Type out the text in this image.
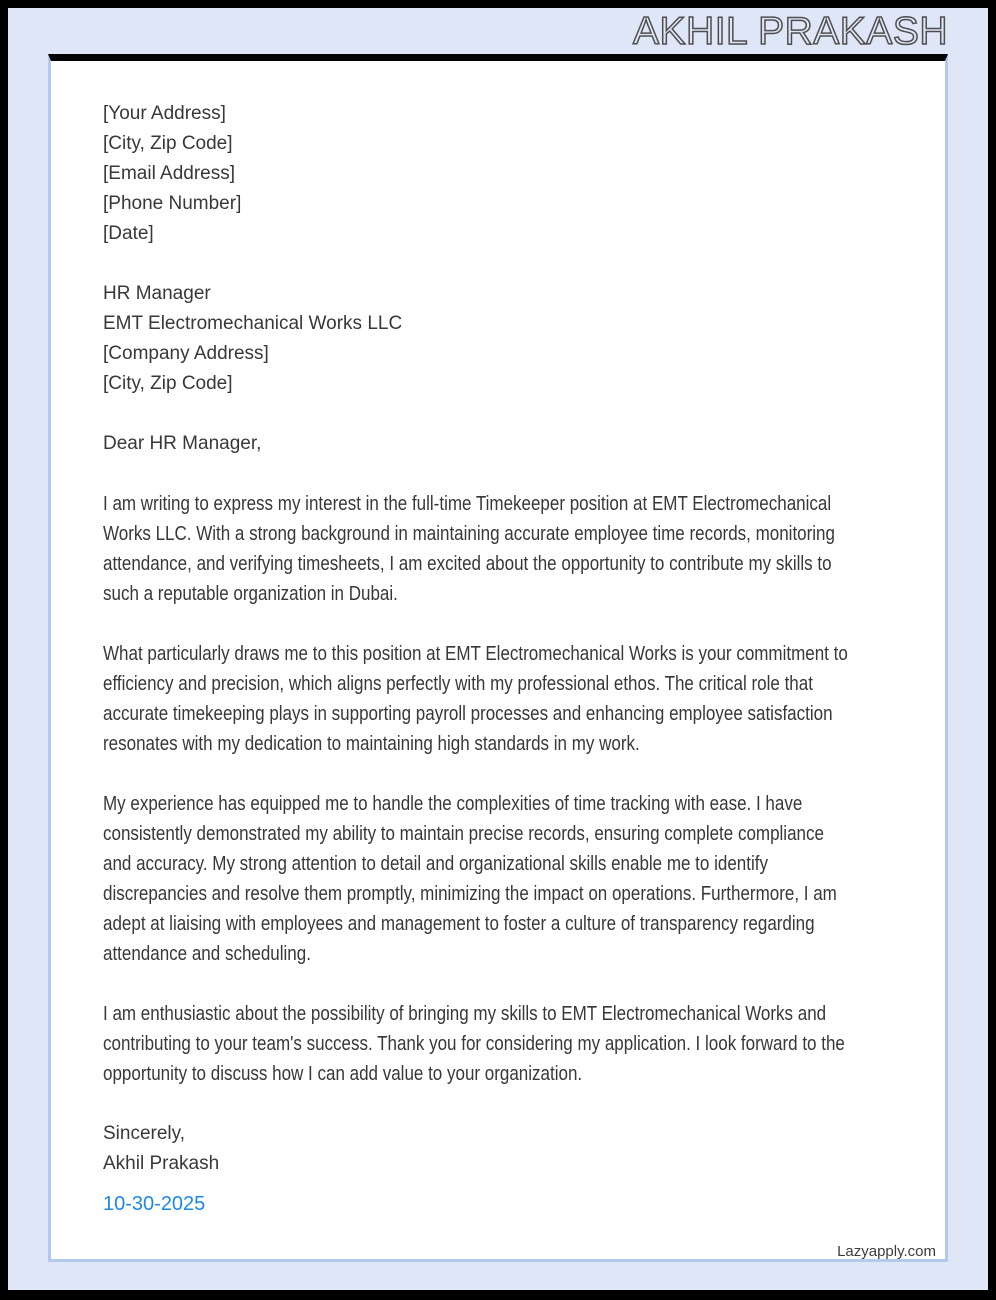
AKHIL PRAKASH
[Your Address]
[City, Zip Code]
[Email Address]
[Phone Number]
[Date]
HR Manager
EMT Electromechanical Works LLC
[Company Address]
[City, Zip Code]
Dear HR Manager,

I am writing to express my interest in the full-time Timekeeper position at EMT Electromechanical Works LLC. With a strong background in maintaining accurate employee time records, monitoring attendance, and verifying timesheets, I am excited about the opportunity to contribute my skills to such a reputable organization in Dubai.

What particularly draws me to this position at EMT Electromechanical Works is your commitment to efficiency and precision, which aligns perfectly with my professional ethos. The critical role that accurate timekeeping plays in supporting payroll processes and enhancing employee satisfaction resonates with my dedication to maintaining high standards in my work.

My experience has equipped me to handle the complexities of time tracking with ease. I have consistently demonstrated my ability to maintain precise records, ensuring complete compliance and accuracy. My strong attention to detail and organizational skills enable me to identify discrepancies and resolve them promptly, minimizing the impact on operations. Furthermore, I am adept at liaising with employees and management to foster a culture of transparency regarding attendance and scheduling.

I am enthusiastic about the possibility of bringing my skills to EMT Electromechanical Works and contributing to your team's success. Thank you for considering my application. I look forward to the opportunity to discuss how I can add value to your organization.

Sincerely,
Akhil Prakash
10-30-2025
Lazyapply.com
